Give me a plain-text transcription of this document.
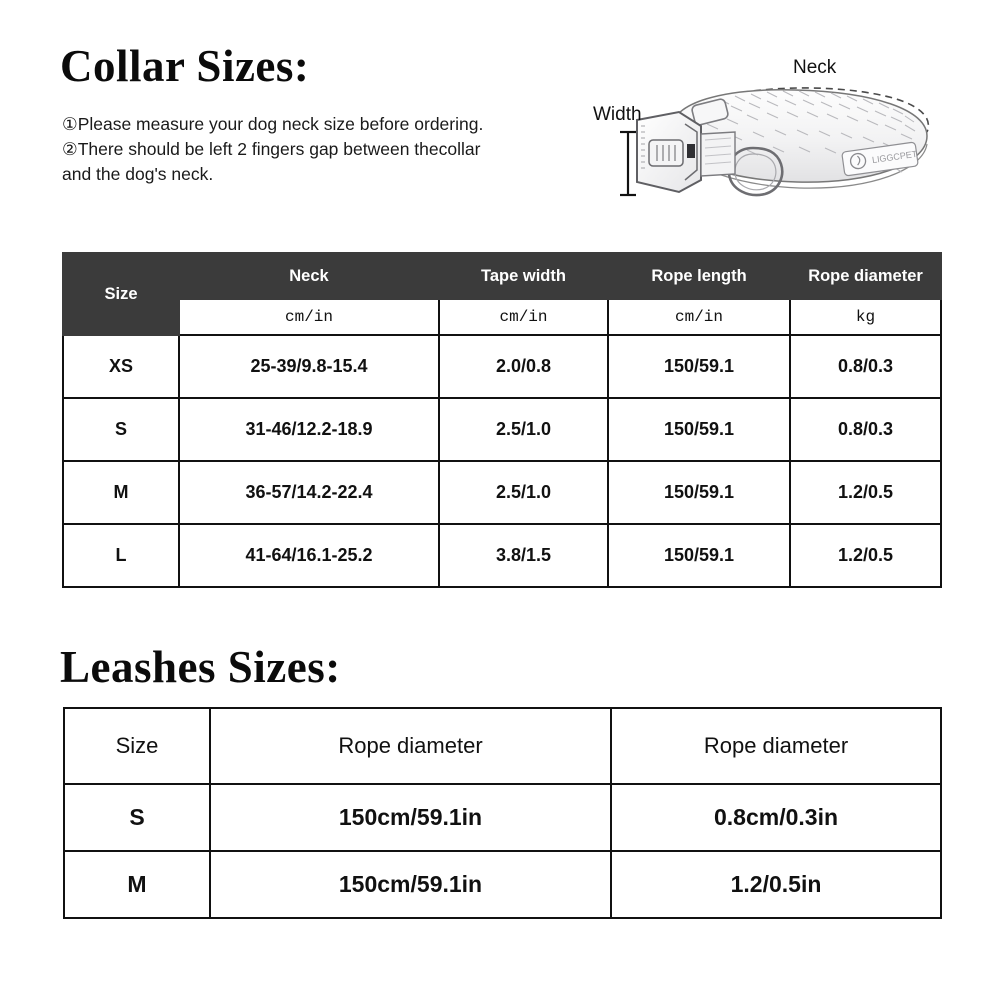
Collar Sizes:
①Please measure your dog neck size before ordering.
②There should be left 2 fingers gap between thecollar
and the dog's neck.
Neck
Width
LIGGCPET
Size	Neck	Tape width	Rope length	Rope diameter
	cm/in	cm/in	cm/in	kg
XS	25-39/9.8-15.4	2.0/0.8	150/59.1	0.8/0.3
S	31-46/12.2-18.9	2.5/1.0	150/59.1	0.8/0.3
M	36-57/14.2-22.4	2.5/1.0	150/59.1	1.2/0.5
L	41-64/16.1-25.2	3.8/1.5	150/59.1	1.2/0.5
Leashes Sizes:
Size	Rope diameter	Rope diameter
S	150cm/59.1in	0.8cm/0.3in
M	150cm/59.1in	1.2/0.5in
